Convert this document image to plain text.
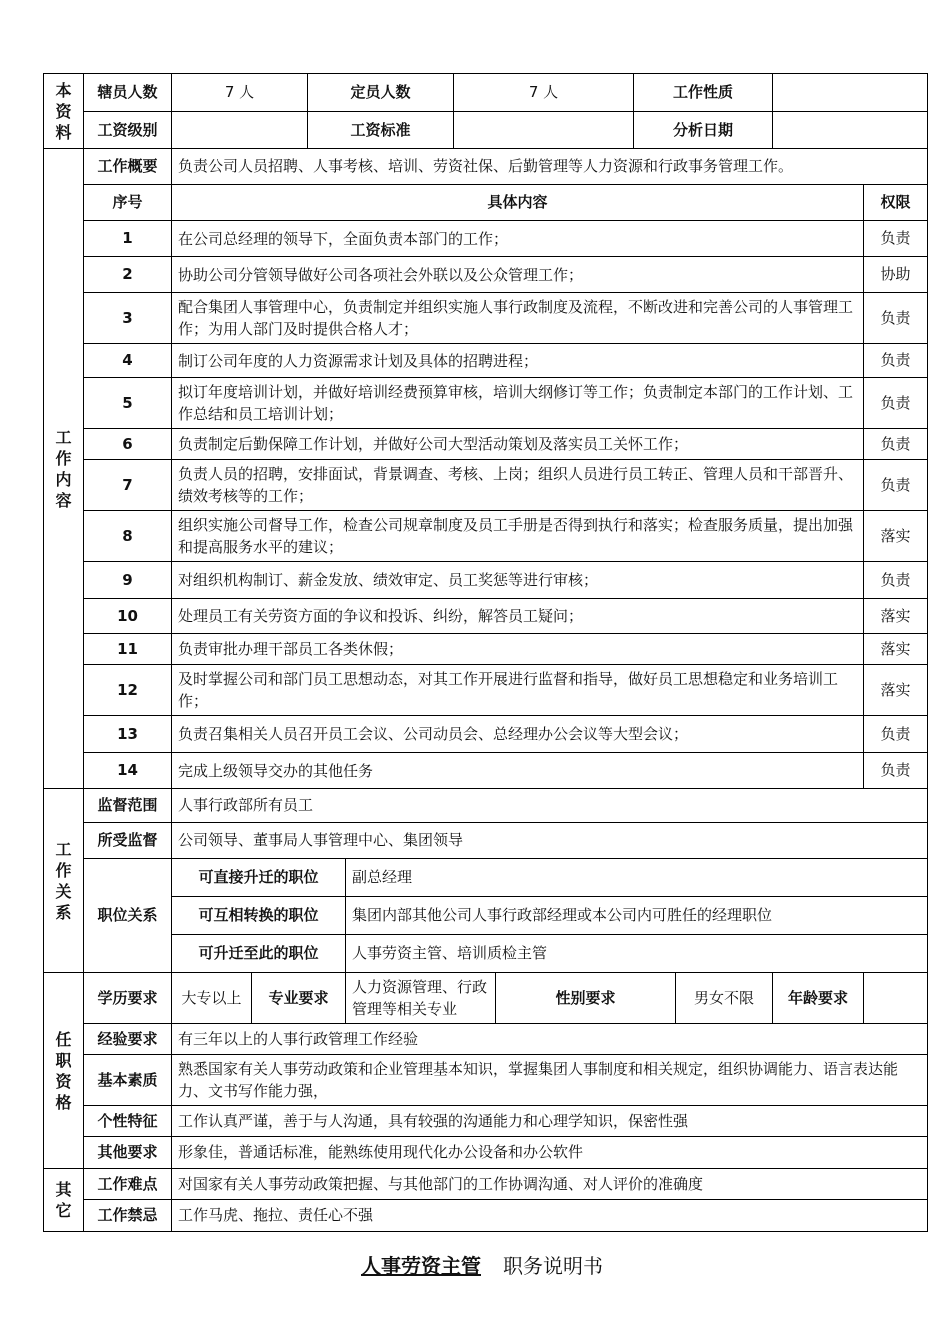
本
资
料	辖员人数	7 人		定员人数		7 人		工作性质			
	工资级别			工资标准				分析日期			

工
作
内
容	工作概要	负责公司人员招聘、人事考核、培训、劳资社保、后勤管理等人力资源和行政事务管理工作。									
	序号	具体内容									权限
	1	在公司总经理的领导下，全面负责本部门的工作；									负责
	2	协助公司分管领导做好公司各项社会外联以及公众管理工作；									协助
	3	配合集团人事管理中心，负责制定并组织实施人事行政制度及流程，不断改进和完善公司的人事管理工作；为用人部门及时提供合格人才；									负责
	4	制订公司年度的人力资源需求计划及具体的招聘进程；									负责
	5	拟订年度培训计划，并做好培训经费预算审核，培训大纲修订等工作；负责制定本部门的工作计划、工作总结和员工培训计划；									负责
	6	负责制定后勤保障工作计划，并做好公司大型活动策划及落实员工关怀工作；									负责
	7	负责人员的招聘，安排面试，背景调查、考核、上岗；组织人员进行员工转正、管理人员和干部晋升、绩效考核等的工作；									负责
	8	组织实施公司督导工作，检查公司规章制度及员工手册是否得到执行和落实；检查服务质量，提出加强和提高服务水平的建议；									落实
	9	对组织机构制订、薪金发放、绩效审定、员工奖惩等进行审核；									负责
	10	处理员工有关劳资方面的争议和投诉、纠纷，解答员工疑问；									落实
	11	负责审批办理干部员工各类休假；									落实
	12	及时掌握公司和部门员工思想动态，对其工作开展进行监督和指导，做好员工思想稳定和业务培训工作；									落实
	13	负责召集相关人员召开员工会议、公司动员会、总经理办公会议等大型会议；									负责
	14	完成上级领导交办的其他任务									负责

工
作
关
系	监督范围	人事行政部所有员工									
	所受监督	公司领导、董事局人事管理中心、集团领导									
	职位关系	可直接升迁的职位			副总经理						
		可互相转换的职位			集团内部其他公司人事行政部经理或本公司内可胜任的经理职位						
		可升迁至此的职位			人事劳资主管、培训质检主管						

任
职
资
格	学历要求	大专以上	专业要求		人力资源管理、行政管理等相关专业		性别要求		男女不限	年龄要求	
	经验要求	有三年以上的人事行政管理工作经验									
	基本素质	熟悉国家有关人事劳动政策和企业管理基本知识，掌握集团人事制度和相关规定，组织协调能力、语言表达能力、文书写作能力强，									
	个性特征	工作认真严谨，善于与人沟通，具有较强的沟通能力和心理学知识，保密性强									
	其他要求	形象佳，普通话标准，能熟练使用现代化办公设备和办公软件									

其
它	工作难点	对国家有关人事劳动政策把握、与其他部门的工作协调沟通、对人评价的准确度									
	工作禁忌	工作马虎、拖拉、责任心不强									
人事劳资主管 职务说明书
